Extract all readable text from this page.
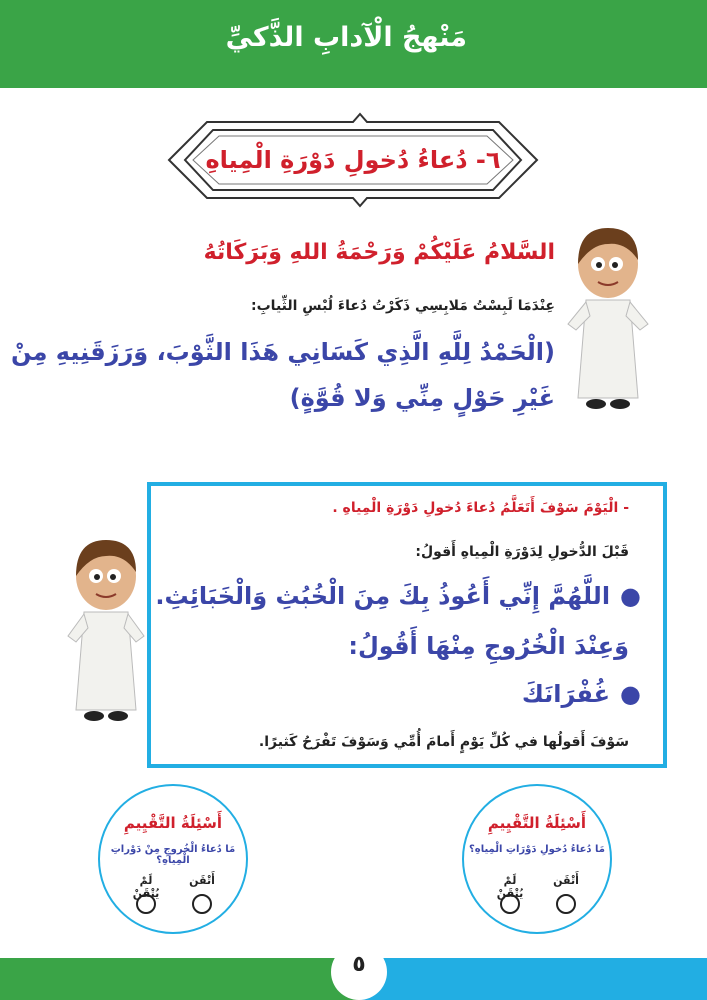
مَنْهجُ الْآدابِ الذَّكيِّ
٦- دُعاءُ دُخولِ دَوْرَةِ الْمِياهِ
السَّلامُ عَلَيْكُمْ وَرَحْمَةُ اللهِ وَبَرَكَاتُهُ
عِنْدَمَا لَبِسْتُ مَلابِسِي ذَكَرْتُ دُعاءَ لُبْسِ الثِّيابِ:
(الْحَمْدُ لِلَّهِ الَّذِي كَسَانِي هَذَا الثَّوْبَ، وَرَزَقَنِيهِ مِنْ
غَيْرِ حَوْلٍ مِنِّي وَلا قُوَّةٍ)
- الْيَوْمَ سَوْفَ أَتَعَلَّمُ دُعاءَ دُخولِ دَوْرَةِ الْمِياهِ .
قَبْلَ الدُّخولِ لِدَوْرَةِ الْمِياهِ أَقولُ:
●اللَّهُمَّ إِنِّي أَعُوذُ بِكَ مِنَ الْخُبُثِ وَالْخَبَائِثِ.
وَعِنْدَ الْخُرُوجِ مِنْهَا أَقُولُ:
●غُفْرَانَكَ
سَوْفَ أَقولُها في كُلِّ يَوْمٍ أَمامَ أُمِّي وَسَوْفَ تَفْرَحُ كَثيرًا.
أَسْئِلَةُ التَّقْيِيمِ
مَا دُعاءُ دُخولِ دَوْرَاتِ الْمِياهِ؟
أَتْقَن
لَمْ يُتْقَنْ
أَسْئِلَةُ التَّقْيِيمِ
مَا دُعاءُ الْخُروجِ مِنْ دَوْراتِ الْمِياهِ؟
أَتْقَن
لَمْ يُتْقَنْ
٥
